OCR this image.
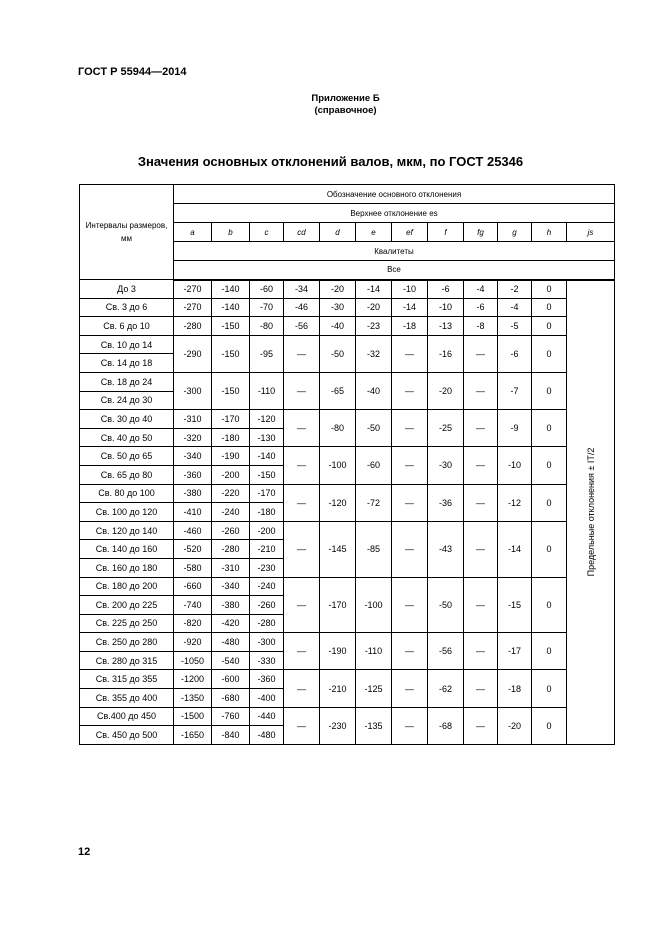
ГОСТ Р 55944—2014
Приложение Б
(справочное)
Значения основных отклонений валов, мкм, по ГОСТ 25346
Интервалы размеров, мм	Обозначение основного отклонения											
	Верхнее отклонение es											
	a	b	c	cd	d	e	ef	f	fg	g	h	js
	Квалитеты											
	Все											
До 3	-270	-140	-60	-34	-20	-14	-10	-6	-4	-2	0	Предельные отклонения ± IT/2

Св. 3 до 6	-270	-140	-70	-46	-30	-20	-14	-10	-6	-4	0	
Св. 6 до 10	-280	-150	-80	-56	-40	-23	-18	-13	-8	-5	0	
Св. 10 до 14	-290	-150	-95	—	-50	-32	—	-16	—	-6	0	
Св. 14 до 18												
Св. 18 до 24	-300	-150	-110	—	-65	-40	—	-20	—	-7	0	
Св. 24 до 30												
Св. 30 до 40	-310	-170	-120	—	-80	-50	—	-25	—	-9	0	
Св. 40 до 50	-320	-180	-130									
Св. 50 до 65	-340	-190	-140	—	-100	-60	—	-30	—	-10	0	
Св. 65 до 80	-360	-200	-150									
Св. 80 до 100	-380	-220	-170	—	-120	-72	—	-36	—	-12	0	
Св. 100 до 120	-410	-240	-180									
Св. 120 до 140	-460	-260	-200	—	-145	-85	—	-43	—	-14	0	
Св. 140 до 160	-520	-280	-210									
Св. 160 до 180	-580	-310	-230									
Св. 180 до 200	-660	-340	-240	—	-170	-100	—	-50	—	-15	0	
Св. 200 до 225	-740	-380	-260									
Св. 225 до 250	-820	-420	-280									
Св. 250 до 280	-920	-480	-300	—	-190	-110	—	-56	—	-17	0	
Св. 280 до 315	-1050	-540	-330									
Св. 315 до 355	-1200	-600	-360	—	-210	-125	—	-62	—	-18	0	
Св. 355 до 400	-1350	-680	-400									
Св.400 до 450	-1500	-760	-440	—	-230	-135	—	-68	—	-20	0	
Св. 450 до 500	-1650	-840	-480									
12
